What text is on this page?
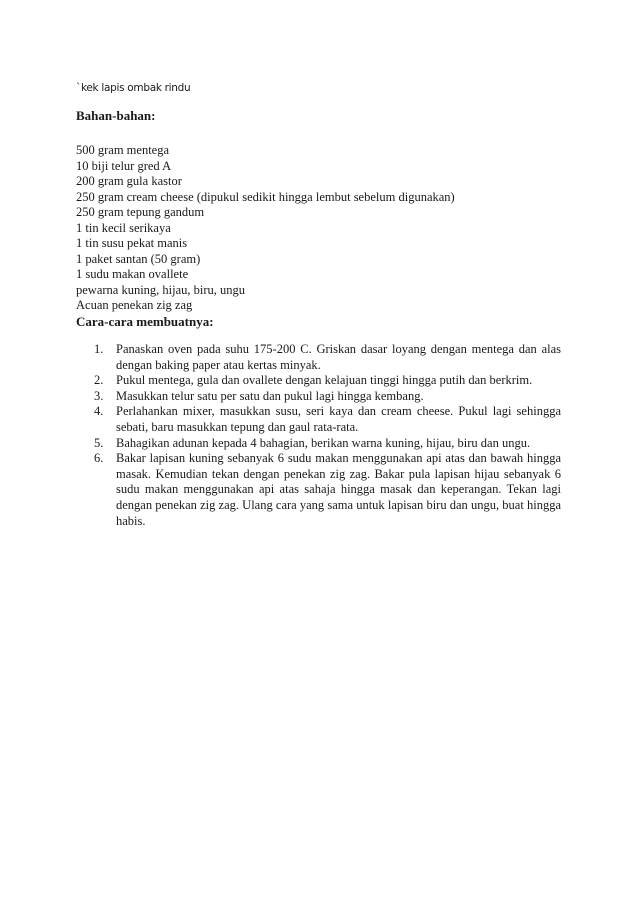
`kek lapis ombak rindu
Bahan-bahan:
500 gram mentega
10 biji telur gred A
200 gram gula kastor
250 gram cream cheese (dipukul sedikit hingga lembut sebelum digunakan)
250 gram tepung gandum
1 tin kecil serikaya
1 tin susu pekat manis
1 paket santan (50 gram)
1 sudu makan ovallete
pewarna kuning, hijau, biru, ungu
Acuan penekan zig zag
Cara-cara membuatnya:
1.	Panaskan oven pada suhu 175-200 C. Griskan dasar loyang dengan mentega dan alas dengan baking paper atau kertas minyak.
2.	Pukul mentega, gula dan ovallete dengan kelajuan tinggi hingga putih dan berkrim.
3.	Masukkan telur satu per satu dan pukul lagi hingga kembang.
4.	Perlahankan mixer, masukkan susu, seri kaya dan cream cheese. Pukul lagi sehingga sebati, baru masukkan tepung dan gaul rata-rata.
5.	Bahagikan adunan kepada 4 bahagian, berikan warna kuning, hijau, biru dan ungu.
6.	Bakar lapisan kuning sebanyak 6 sudu makan menggunakan api atas dan bawah hingga masak. Kemudian tekan dengan penekan zig zag. Bakar pula lapisan hijau sebanyak 6 sudu makan menggunakan api atas sahaja hingga masak dan keperangan. Tekan lagi dengan penekan zig zag. Ulang cara yang sama untuk lapisan biru dan ungu, buat hingga habis.
